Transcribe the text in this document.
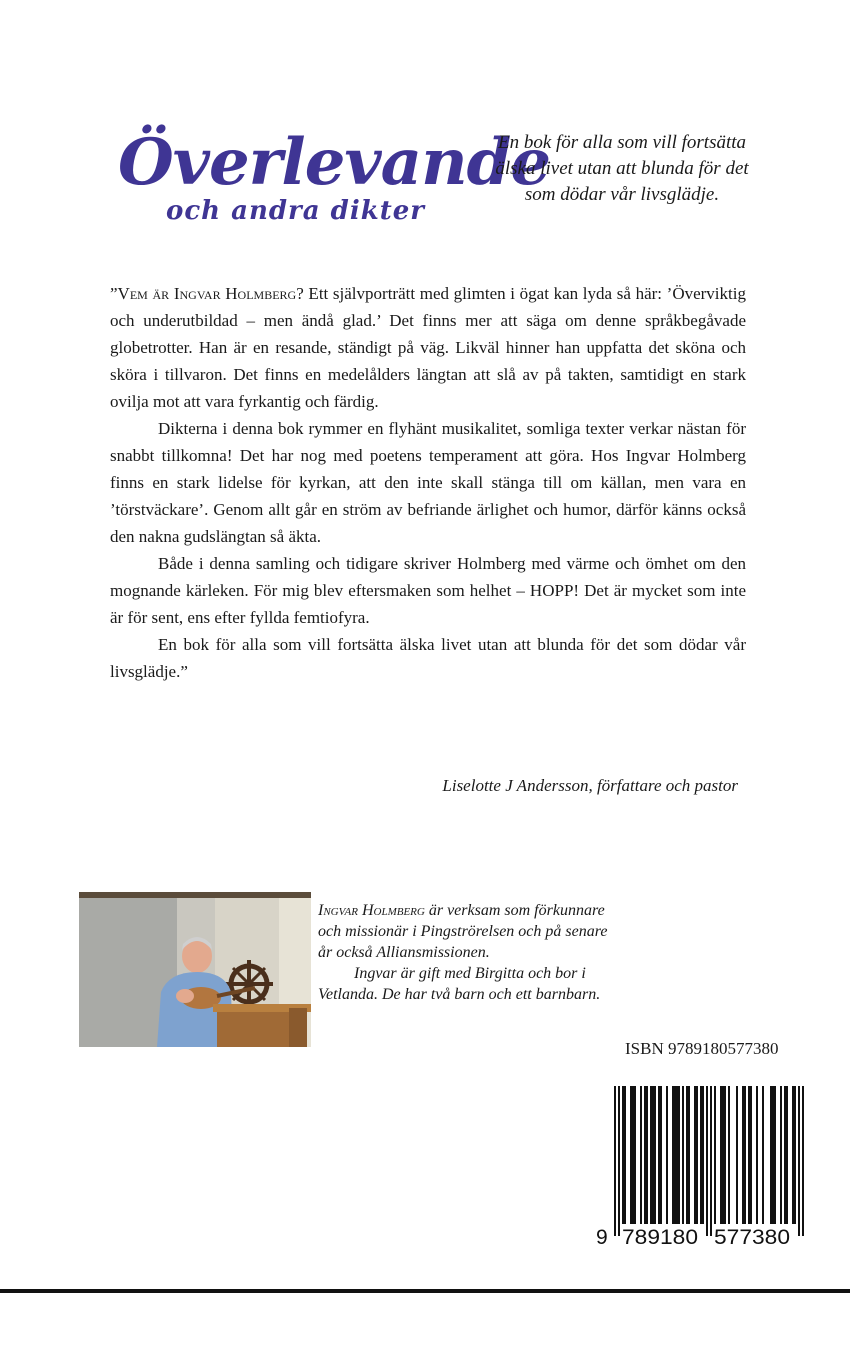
Överlevande
och andra dikter

En bok för alla som vill fortsätta älska livet utan att blunda för det som dödar vår livsglädje.

”Vem är Ingvar Holmberg? Ett självporträtt med glimten i ögat kan lyda så här: ’Överviktig och underutbildad – men ändå glad.’ Det finns mer att säga om denne språkbegåvade globetrotter. Han är en resande, ständigt på väg. Likväl hinner han uppfatta det sköna och sköra i tillvaron. Det finns en medelålders längtan att slå av på takten, samtidigt en stark ovilja mot att vara fyrkantig och färdig.

Dikterna i denna bok rymmer en flyhänt musikalitet, somliga texter verkar nästan för snabbt tillkomna! Det har nog med poetens temperament att göra. Hos Ingvar Holmberg finns en stark lidelse för kyrkan, att den inte skall stänga till om källan, men vara en ’törstväckare’. Genom allt går en ström av befriande ärlighet och humor, därför känns också den nakna gudslängtan så äkta.

Både i denna samling och tidigare skriver Holmberg med värme och ömhet om den mognande kärleken. För mig blev eftersmaken som helhet – HOPP! Det är mycket som inte är för sent, ens efter fyllda femtiofyra.

En bok för alla som vill fortsätta älska livet utan att blunda för det som dödar vår livsglädje.”

Liselotte J Andersson, författare och pastor

Ingvar Holmberg är verksam som förkunnare och missionär i Pingströrelsen och på senare år också Alliansmissionen.

Ingvar är gift med Birgitta och bor i Vetlanda. De har två barn och ett barnbarn.

ISBN 9789180577380

9 789180 577380
